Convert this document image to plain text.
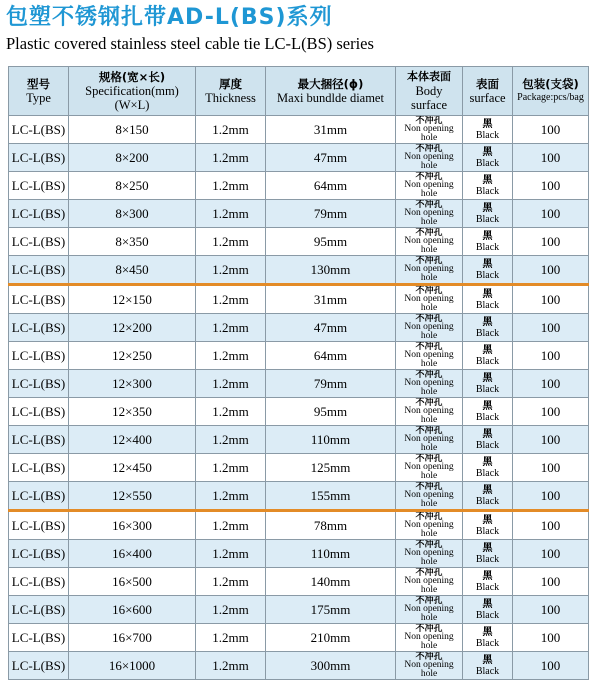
包塑不锈钢扎带AD-L(BS)系列
Plastic covered stainless steel cable tie LC-L(BS) series
型号
Type	规格(宽×长)
Specification(mm)
(W×L)	厚度
Thickness	最大捆径(ϕ)
Maxi bundlde diamet	本体表面
Body
surface	表面
surface	包装(支袋)
Package:pcs/bag

LC-L(BS)	8×150	1.2mm	31mm	不冲孔
Non opening
hole	黑
Black	100
LC-L(BS)	8×200	1.2mm	47mm	不冲孔
Non opening
hole	黑
Black	100
LC-L(BS)	8×250	1.2mm	64mm	不冲孔
Non opening
hole	黑
Black	100
LC-L(BS)	8×300	1.2mm	79mm	不冲孔
Non opening
hole	黑
Black	100
LC-L(BS)	8×350	1.2mm	95mm	不冲孔
Non opening
hole	黑
Black	100
LC-L(BS)	8×450	1.2mm	130mm	不冲孔
Non opening
hole	黑
Black	100
LC-L(BS)	12×150	1.2mm	31mm	不冲孔
Non opening
hole	黑
Black	100
LC-L(BS)	12×200	1.2mm	47mm	不冲孔
Non opening
hole	黑
Black	100
LC-L(BS)	12×250	1.2mm	64mm	不冲孔
Non opening
hole	黑
Black	100
LC-L(BS)	12×300	1.2mm	79mm	不冲孔
Non opening
hole	黑
Black	100
LC-L(BS)	12×350	1.2mm	95mm	不冲孔
Non opening
hole	黑
Black	100
LC-L(BS)	12×400	1.2mm	110mm	不冲孔
Non opening
hole	黑
Black	100
LC-L(BS)	12×450	1.2mm	125mm	不冲孔
Non opening
hole	黑
Black	100
LC-L(BS)	12×550	1.2mm	155mm	不冲孔
Non opening
hole	黑
Black	100
LC-L(BS)	16×300	1.2mm	78mm	不冲孔
Non opening
hole	黑
Black	100
LC-L(BS)	16×400	1.2mm	110mm	不冲孔
Non opening
hole	黑
Black	100
LC-L(BS)	16×500	1.2mm	140mm	不冲孔
Non opening
hole	黑
Black	100
LC-L(BS)	16×600	1.2mm	175mm	不冲孔
Non opening
hole	黑
Black	100
LC-L(BS)	16×700	1.2mm	210mm	不冲孔
Non opening
hole	黑
Black	100
LC-L(BS)	16×1000	1.2mm	300mm	不冲孔
Non opening
hole	黑
Black	100
